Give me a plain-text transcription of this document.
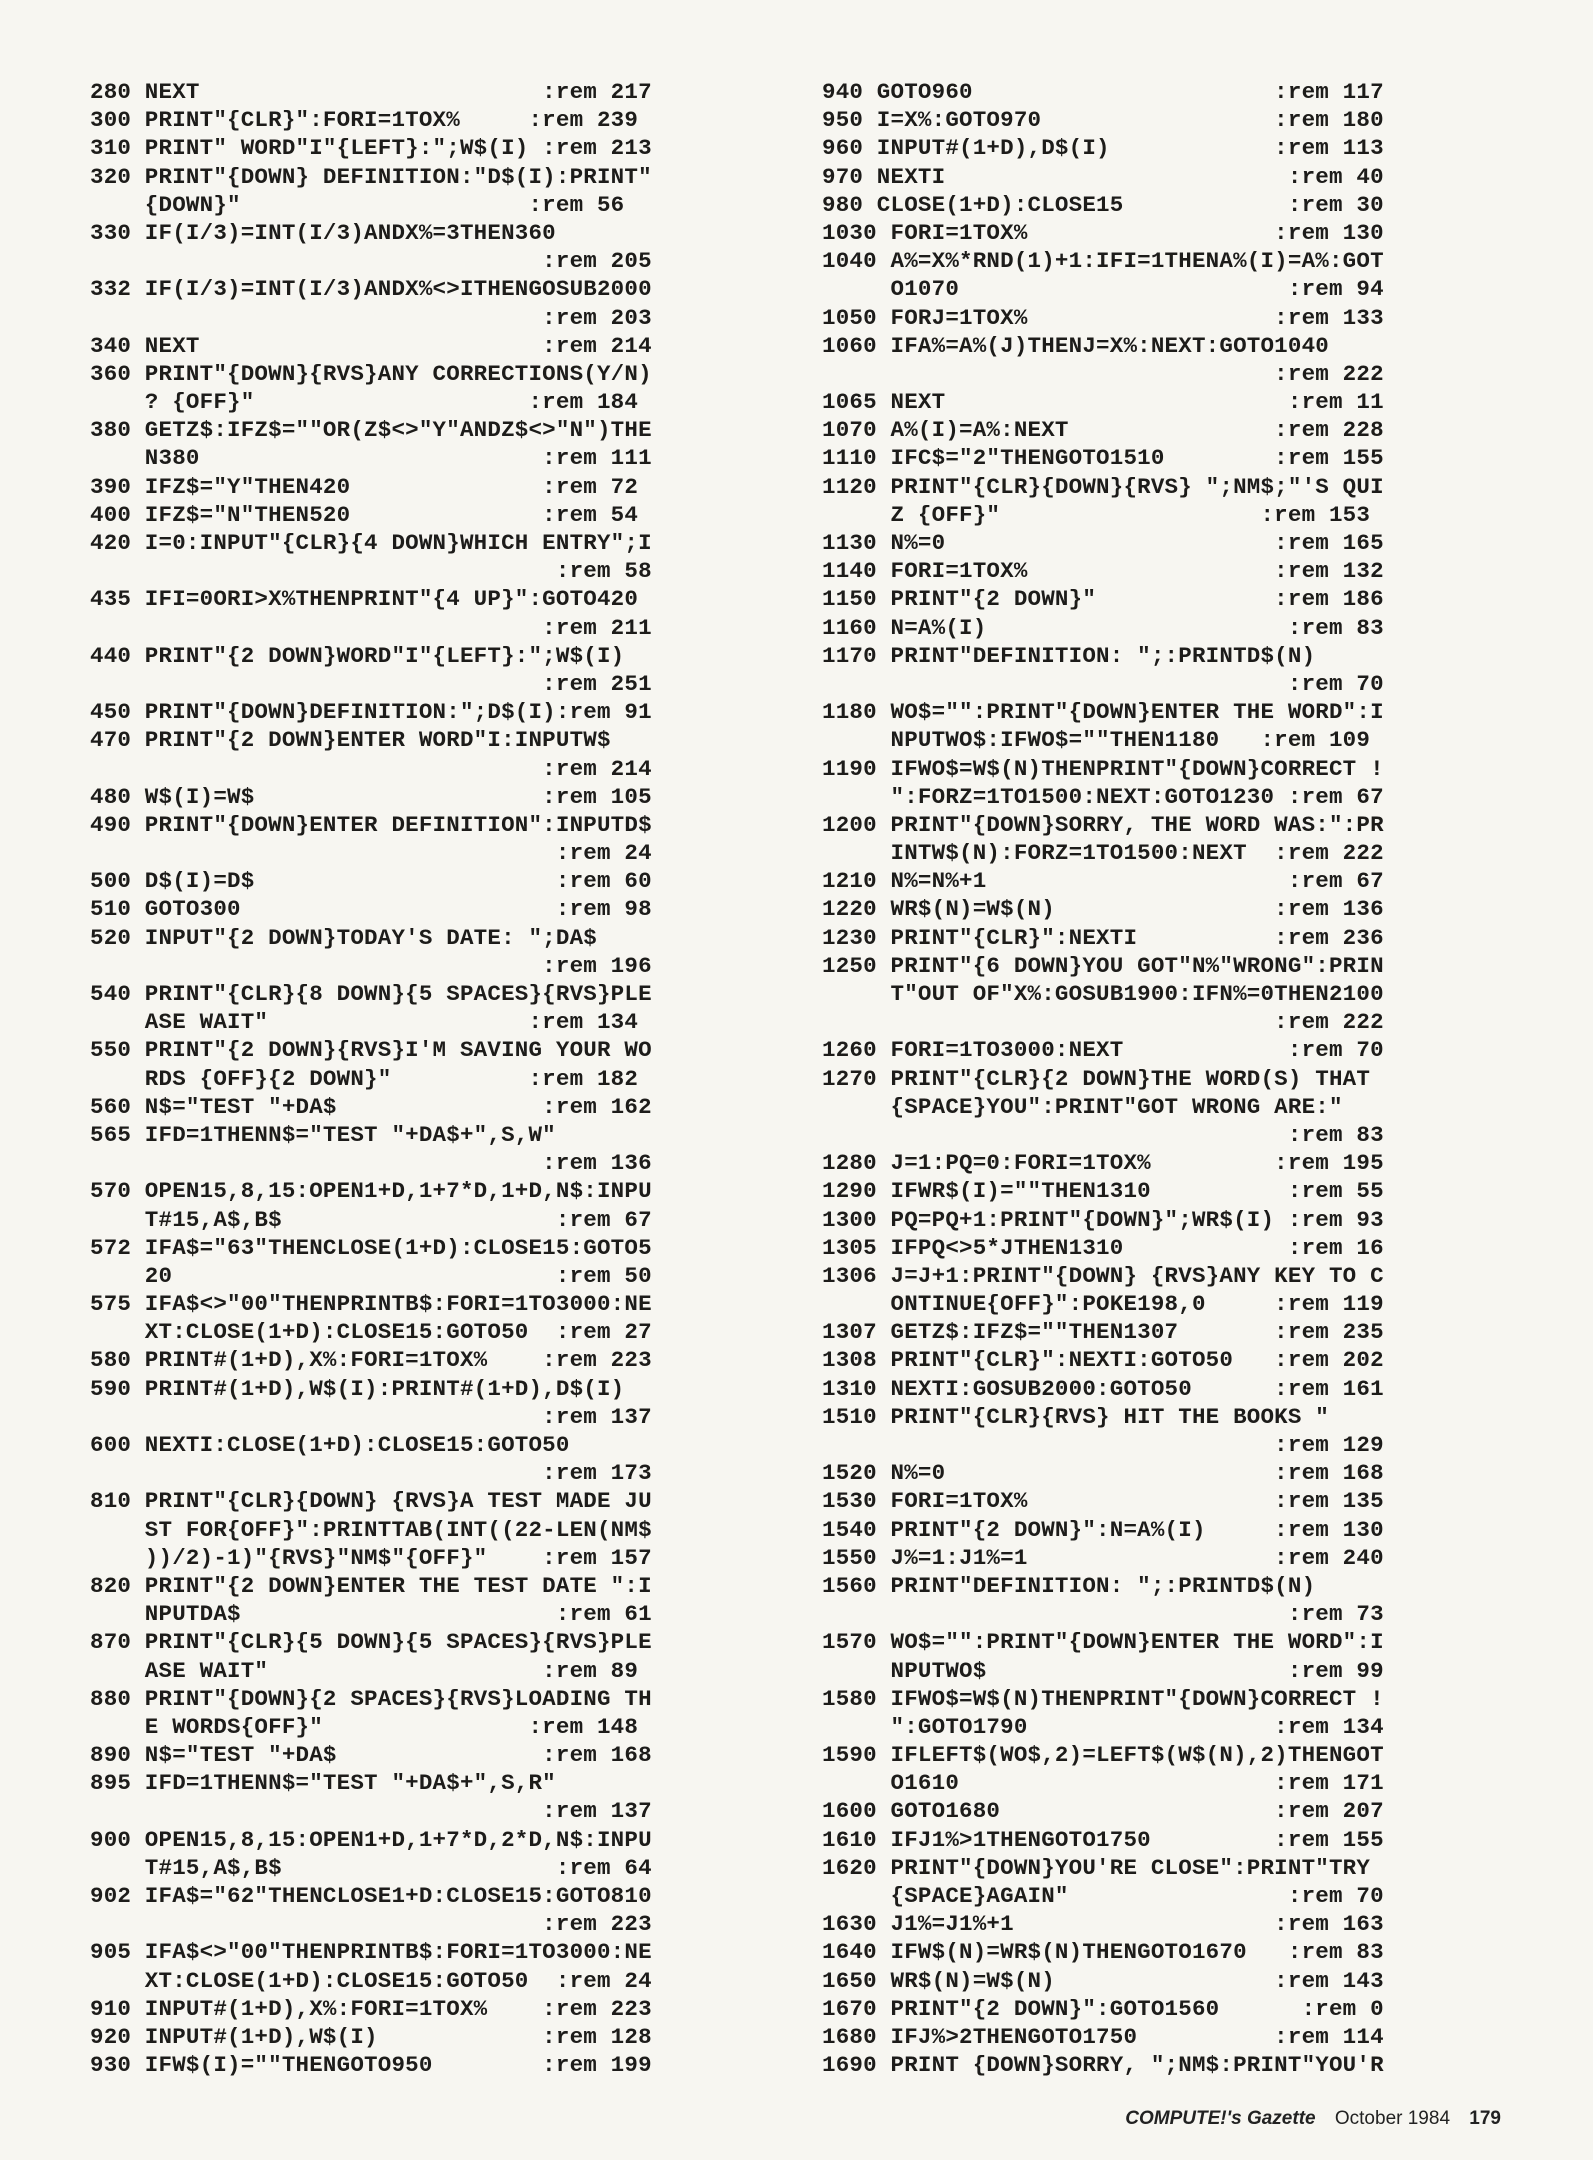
280 NEXT                         :rem 217
300 PRINT"{CLR}":FORI=1TOX%     :rem 239
310 PRINT" WORD"I"{LEFT}:";W$(I) :rem 213
320 PRINT"{DOWN} DEFINITION:"D$(I):PRINT"
{DOWN}"                     :rem 56
330 IF(I/3)=INT(I/3)ANDX%=3THEN360
:rem 205
332 IF(I/3)=INT(I/3)ANDX%<>ITHENGOSUB2000
:rem 203
340 NEXT                         :rem 214
360 PRINT"{DOWN}{RVS}ANY CORRECTIONS(Y/N)
? {OFF}"                    :rem 184
380 GETZ$:IFZ$=""OR(Z$<>"Y"ANDZ$<>"N")THE
N380                         :rem 111
390 IFZ$="Y"THEN420              :rem 72
400 IFZ$="N"THEN520              :rem 54
420 I=0:INPUT"{CLR}{4 DOWN}WHICH ENTRY";I
:rem 58
435 IFI=0ORI>X%THENPRINT"{4 UP}":GOTO420
:rem 211
440 PRINT"{2 DOWN}WORD"I"{LEFT}:";W$(I)
:rem 251
450 PRINT"{DOWN}DEFINITION:";D$(I):rem 91
470 PRINT"{2 DOWN}ENTER WORD"I:INPUTW$
:rem 214
480 W$(I)=W$                     :rem 105
490 PRINT"{DOWN}ENTER DEFINITION":INPUTD$
:rem 24
500 D$(I)=D$                      :rem 60
510 GOTO300                       :rem 98
520 INPUT"{2 DOWN}TODAY'S DATE: ";DA$
:rem 196
540 PRINT"{CLR}{8 DOWN}{5 SPACES}{RVS}PLE
ASE WAIT"                   :rem 134
550 PRINT"{2 DOWN}{RVS}I'M SAVING YOUR WO
RDS {OFF}{2 DOWN}"          :rem 182
560 N$="TEST "+DA$               :rem 162
565 IFD=1THENN$="TEST "+DA$+",S,W"
:rem 136
570 OPEN15,8,15:OPEN1+D,1+7*D,1+D,N$:INPU
T#15,A$,B$                    :rem 67
572 IFA$="63"THENCLOSE(1+D):CLOSE15:GOTO5
20                            :rem 50
575 IFA$<>"00"THENPRINTB$:FORI=1TO3000:NE
XT:CLOSE(1+D):CLOSE15:GOTO50  :rem 27
580 PRINT#(1+D),X%:FORI=1TOX%    :rem 223
590 PRINT#(1+D),W$(I):PRINT#(1+D),D$(I)
:rem 137
600 NEXTI:CLOSE(1+D):CLOSE15:GOTO50
:rem 173
810 PRINT"{CLR}{DOWN} {RVS}A TEST MADE JU
ST FOR{OFF}":PRINTTAB(INT((22-LEN(NM$
))/2)-1)"{RVS}"NM$"{OFF}"    :rem 157
820 PRINT"{2 DOWN}ENTER THE TEST DATE ":I
NPUTDA$                       :rem 61
870 PRINT"{CLR}{5 DOWN}{5 SPACES}{RVS}PLE
ASE WAIT"                    :rem 89
880 PRINT"{DOWN}{2 SPACES}{RVS}LOADING TH
E WORDS{OFF}"               :rem 148
890 N$="TEST "+DA$               :rem 168
895 IFD=1THENN$="TEST "+DA$+",S,R"
:rem 137
900 OPEN15,8,15:OPEN1+D,1+7*D,2*D,N$:INPU
T#15,A$,B$                    :rem 64
902 IFA$="62"THENCLOSE1+D:CLOSE15:GOTO810
:rem 223
905 IFA$<>"00"THENPRINTB$:FORI=1TO3000:NE
XT:CLOSE(1+D):CLOSE15:GOTO50  :rem 24
910 INPUT#(1+D),X%:FORI=1TOX%    :rem 223
920 INPUT#(1+D),W$(I)            :rem 128
930 IFW$(I)=""THENGOTO950        :rem 199
940 GOTO960                      :rem 117
950 I=X%:GOTO970                 :rem 180
960 INPUT#(1+D),D$(I)            :rem 113
970 NEXTI                         :rem 40
980 CLOSE(1+D):CLOSE15            :rem 30
1030 FORI=1TOX%                  :rem 130
1040 A%=X%*RND(1)+1:IFI=1THENA%(I)=A%:GOT
O1070                        :rem 94
1050 FORJ=1TOX%                  :rem 133
1060 IFA%=A%(J)THENJ=X%:NEXT:GOTO1040
:rem 222
1065 NEXT                         :rem 11
1070 A%(I)=A%:NEXT               :rem 228
1110 IFC$="2"THENGOTO1510        :rem 155
1120 PRINT"{CLR}{DOWN}{RVS} ";NM$;"'S QUI
Z {OFF}"                   :rem 153
1130 N%=0                        :rem 165
1140 FORI=1TOX%                  :rem 132
1150 PRINT"{2 DOWN}"             :rem 186
1160 N=A%(I)                      :rem 83
1170 PRINT"DEFINITION: ";:PRINTD$(N)
:rem 70
1180 WO$="":PRINT"{DOWN}ENTER THE WORD":I
NPUTWO$:IFWO$=""THEN1180   :rem 109
1190 IFWO$=W$(N)THENPRINT"{DOWN}CORRECT !
":FORZ=1TO1500:NEXT:GOTO1230 :rem 67
1200 PRINT"{DOWN}SORRY, THE WORD WAS:":PR
INTW$(N):FORZ=1TO1500:NEXT  :rem 222
1210 N%=N%+1                      :rem 67
1220 WR$(N)=W$(N)                :rem 136
1230 PRINT"{CLR}":NEXTI          :rem 236
1250 PRINT"{6 DOWN}YOU GOT"N%"WRONG":PRIN
T"OUT OF"X%:GOSUB1900:IFN%=0THEN2100
:rem 222
1260 FORI=1TO3000:NEXT            :rem 70
1270 PRINT"{CLR}{2 DOWN}THE WORD(S) THAT
{SPACE}YOU":PRINT"GOT WRONG ARE:"
:rem 83
1280 J=1:PQ=0:FORI=1TOX%         :rem 195
1290 IFWR$(I)=""THEN1310          :rem 55
1300 PQ=PQ+1:PRINT"{DOWN}";WR$(I) :rem 93
1305 IFPQ<>5*JTHEN1310            :rem 16
1306 J=J+1:PRINT"{DOWN} {RVS}ANY KEY TO C
ONTINUE{OFF}":POKE198,0     :rem 119
1307 GETZ$:IFZ$=""THEN1307       :rem 235
1308 PRINT"{CLR}":NEXTI:GOTO50   :rem 202
1310 NEXTI:GOSUB2000:GOTO50      :rem 161
1510 PRINT"{CLR}{RVS} HIT THE BOOKS "
:rem 129
1520 N%=0                        :rem 168
1530 FORI=1TOX%                  :rem 135
1540 PRINT"{2 DOWN}":N=A%(I)     :rem 130
1550 J%=1:J1%=1                  :rem 240
1560 PRINT"DEFINITION: ";:PRINTD$(N)
:rem 73
1570 WO$="":PRINT"{DOWN}ENTER THE WORD":I
NPUTWO$                      :rem 99
1580 IFWO$=W$(N)THENPRINT"{DOWN}CORRECT !
":GOTO1790                  :rem 134
1590 IFLEFT$(WO$,2)=LEFT$(W$(N),2)THENGOT
O1610                       :rem 171
1600 GOTO1680                    :rem 207
1610 IFJ1%>1THENGOTO1750         :rem 155
1620 PRINT"{DOWN}YOU'RE CLOSE":PRINT"TRY
{SPACE}AGAIN"                :rem 70
1630 J1%=J1%+1                   :rem 163
1640 IFW$(N)=WR$(N)THENGOTO1670   :rem 83
1650 WR$(N)=W$(N)                :rem 143
1670 PRINT"{2 DOWN}":GOTO1560      :rem 0
1680 IFJ%>2THENGOTO1750          :rem 114
1690 PRINT {DOWN}SORRY, ";NM$:PRINT"YOU'R
COMPUTE!'s Gazette October 1984 179
